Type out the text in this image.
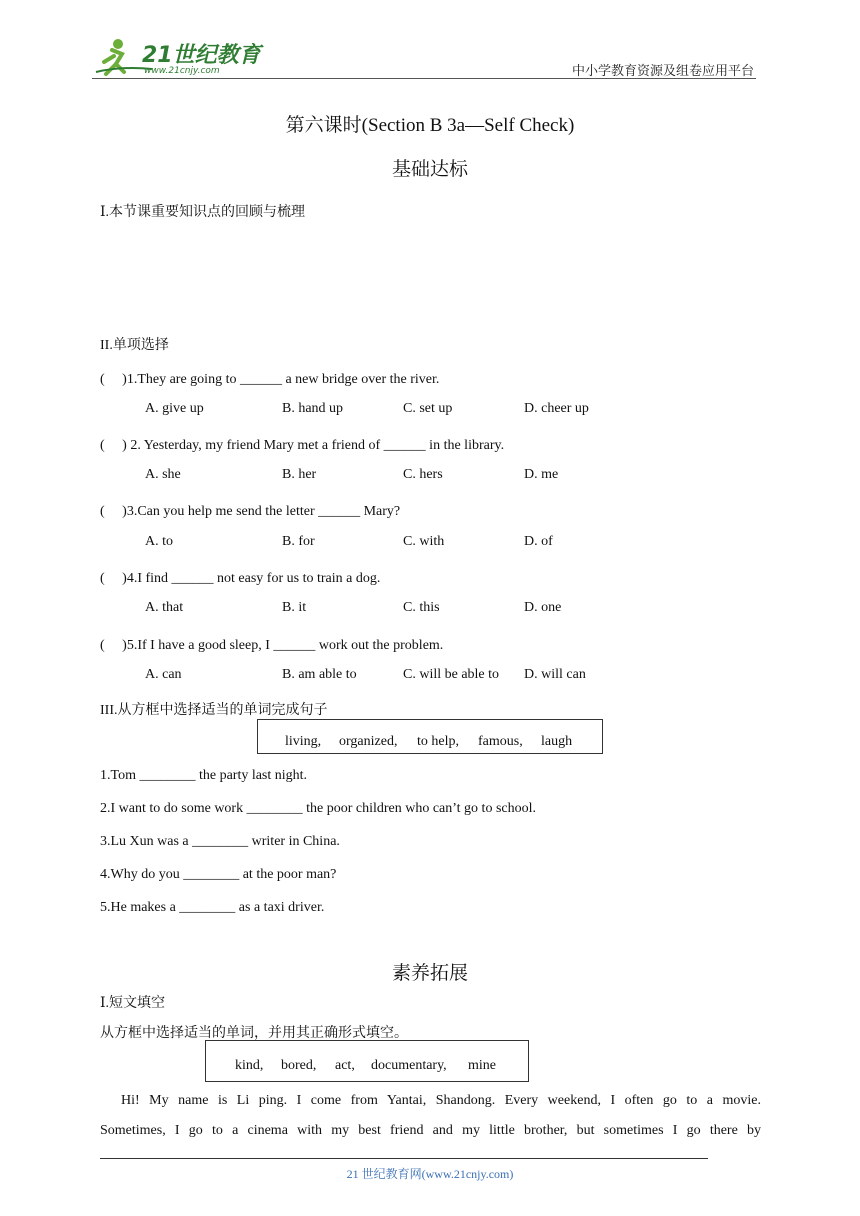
21世纪教育
www.21cnjy.com	中小学教育资源及组卷应用平台
第六课时(Section B 3a—Self Check)
基础达标
Ⅰ.本节课重要知识点的回顾与梳理
II.单项选择
(　 )1.They are going to ______ a new bridge over the river.
A. give up	B. hand up	C. set up	D. cheer up
(　 ) 2. Yesterday, my friend Mary met a friend of ______ in the library.
A. she	B. her	C. hers	D. me
(　 )3.Can you help me send the letter ______ Mary?
A. to	B. for	C. with	D. of
(　 )4.I find ______ not easy for us to train a dog.
A. that	B. it	C. this	D. one
(　 )5.If I have a good sleep, I ______ work out the problem.
A. can	B. am able to	C. will be able to D. will can
III.从方框中选择适当的单词完成句子
living, organized, to help, famous, laugh
1.Tom ________ the party last night.
2.I want to do some work ________ the poor children who can’t go to school.
3.Lu Xun was a ________ writer in China.
4.Why do you ________ at the poor man?
5.He makes a ________ as a taxi driver.
素养拓展
Ⅰ.短文填空
从方框中选择适当的单词，并用其正确形式填空。
kind, bored, act, documentary, mine
Hi! My name is Li ping. I come from Yantai, Shandong. Every weekend, I often go to a movie.
Sometimes, I go to a cinema with my best friend and my little brother, but sometimes I go there by
21 世纪教育网(www.21cnjy.com)
